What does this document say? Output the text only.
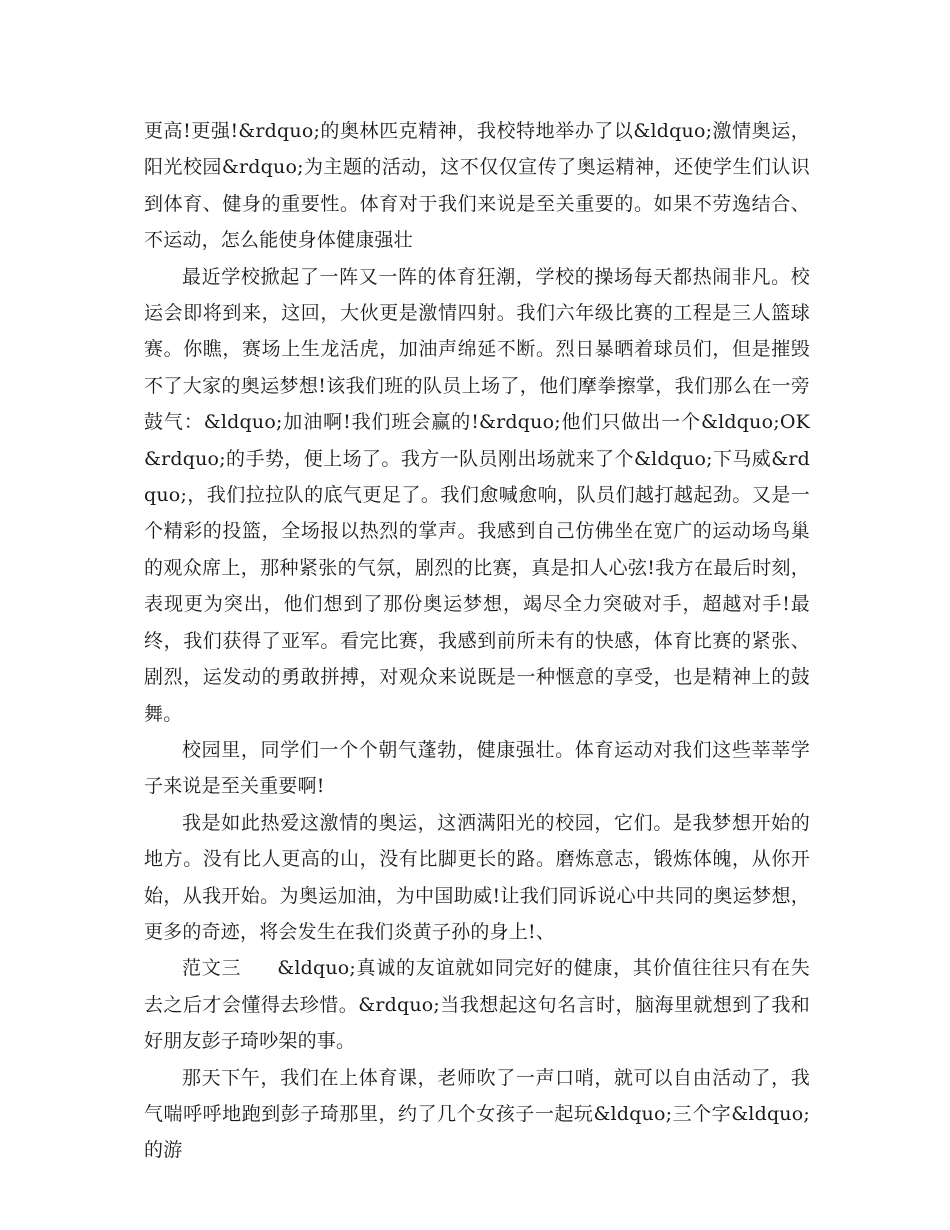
更高!更强!&rdquo;的奥林匹克精神，我校特地举办了以&ldquo;激情奥运，阳光校园&rdquo;为主题的活动，这不仅仅宣传了奥运精神，还使学生们认识到体育、健身的重要性。体育对于我们来说是至关重要的。如果不劳逸结合、不运动，怎么能使身体健康强壮

最近学校掀起了一阵又一阵的体育狂潮，学校的操场每天都热闹非凡。校运会即将到来，这回，大伙更是激情四射。我们六年级比赛的工程是三人篮球赛。你瞧，赛场上生龙活虎，加油声绵延不断。烈日暴晒着球员们，但是摧毁不了大家的奥运梦想!该我们班的队员上场了，他们摩拳擦掌，我们那么在一旁鼓气：&ldquo;加油啊!我们班会赢的!&rdquo;他们只做出一个&ldquo;OK&rdquo;的手势，便上场了。我方一队员刚出场就来了个&ldquo;下马威&rdquo;，我们拉拉队的底气更足了。我们愈喊愈响，队员们越打越起劲。又是一个精彩的投篮，全场报以热烈的掌声。我感到自己仿佛坐在宽广的运动场鸟巢的观众席上，那种紧张的气氛，剧烈的比赛，真是扣人心弦!我方在最后时刻，表现更为突出，他们想到了那份奥运梦想，竭尽全力突破对手，超越对手!最终，我们获得了亚军。看完比赛，我感到前所未有的快感，体育比赛的紧张、剧烈，运发动的勇敢拼搏，对观众来说既是一种惬意的享受，也是精神上的鼓舞。

校园里，同学们一个个朝气蓬勃，健康强壮。体育运动对我们这些莘莘学子来说是至关重要啊!

我是如此热爱这激情的奥运，这洒满阳光的校园，它们。是我梦想开始的地方。没有比人更高的山，没有比脚更长的路。磨炼意志，锻炼体魄，从你开始，从我开始。为奥运加油，为中国助威!让我们同诉说心中共同的奥运梦想，更多的奇迹，将会发生在我们炎黄子孙的身上!、

范文三 &ldquo;真诚的友谊就如同完好的健康，其价值往往只有在失去之后才会懂得去珍惜。&rdquo;当我想起这句名言时，脑海里就想到了我和好朋友彭子琦吵架的事。

那天下午，我们在上体育课，老师吹了一声口哨，就可以自由活动了，我气喘呼呼地跑到彭子琦那里，约了几个女孩子一起玩&ldquo;三个字&ldquo;的游
